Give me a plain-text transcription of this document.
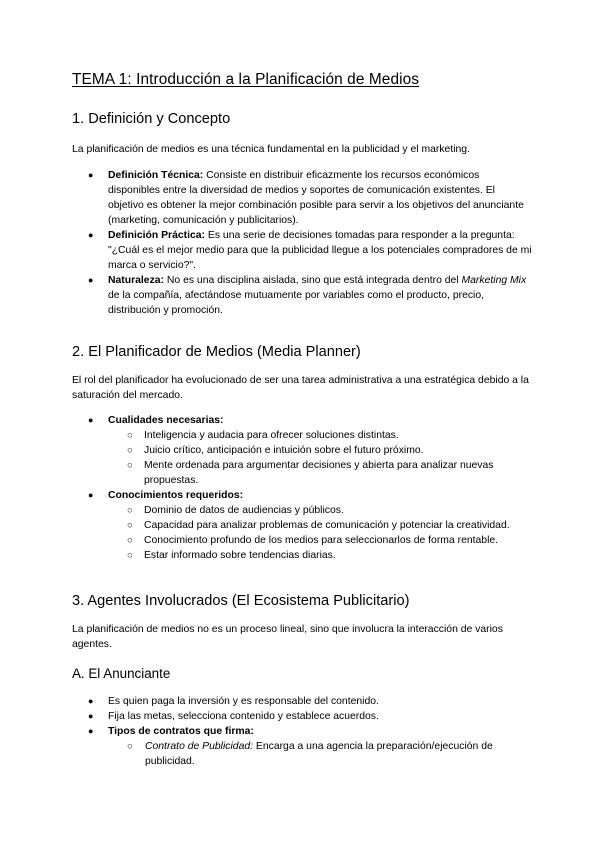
TEMA 1: Introducción a la Planificación de Medios
1. Definición y Concepto
La planificación de medios es una técnica fundamental en la publicidad y el marketing.
● Definición Técnica: Consiste en distribuir eficazmente los recursos económicos disponibles entre la diversidad de medios y soportes de comunicación existentes. El objetivo es obtener la mejor combinación posible para servir a los objetivos del anunciante (marketing, comunicación y publicitarios).
● Definición Práctica: Es una serie de decisiones tomadas para responder a la pregunta: "¿Cuál es el mejor medio para que la publicidad llegue a los potenciales compradores de mi marca o servicio?".
● Naturaleza: No es una disciplina aislada, sino que está integrada dentro del Marketing Mix de la compañía, afectándose mutuamente por variables como el producto, precio, distribución y promoción.
2. El Planificador de Medios (Media Planner)
El rol del planificador ha evolucionado de ser una tarea administrativa a una estratégica debido a la saturación del mercado.
● Cualidades necesarias:
○ Inteligencia y audacia para ofrecer soluciones distintas.
○ Juicio crítico, anticipación e intuición sobre el futuro próximo.
○ Mente ordenada para argumentar decisiones y abierta para analizar nuevas propuestas.
● Conocimientos requeridos:
○ Dominio de datos de audiencias y públicos.
○ Capacidad para analizar problemas de comunicación y potenciar la creatividad.
○ Conocimiento profundo de los medios para seleccionarlos de forma rentable.
○ Estar informado sobre tendencias diarias.
3. Agentes Involucrados (El Ecosistema Publicitario)
La planificación de medios no es un proceso lineal, sino que involucra la interacción de varios agentes.
A. El Anunciante
● Es quien paga la inversión y es responsable del contenido.
● Fija las metas, selecciona contenido y establece acuerdos.
● Tipos de contratos que firma:
○ Contrato de Publicidad: Encarga a una agencia la preparación/ejecución de publicidad.
